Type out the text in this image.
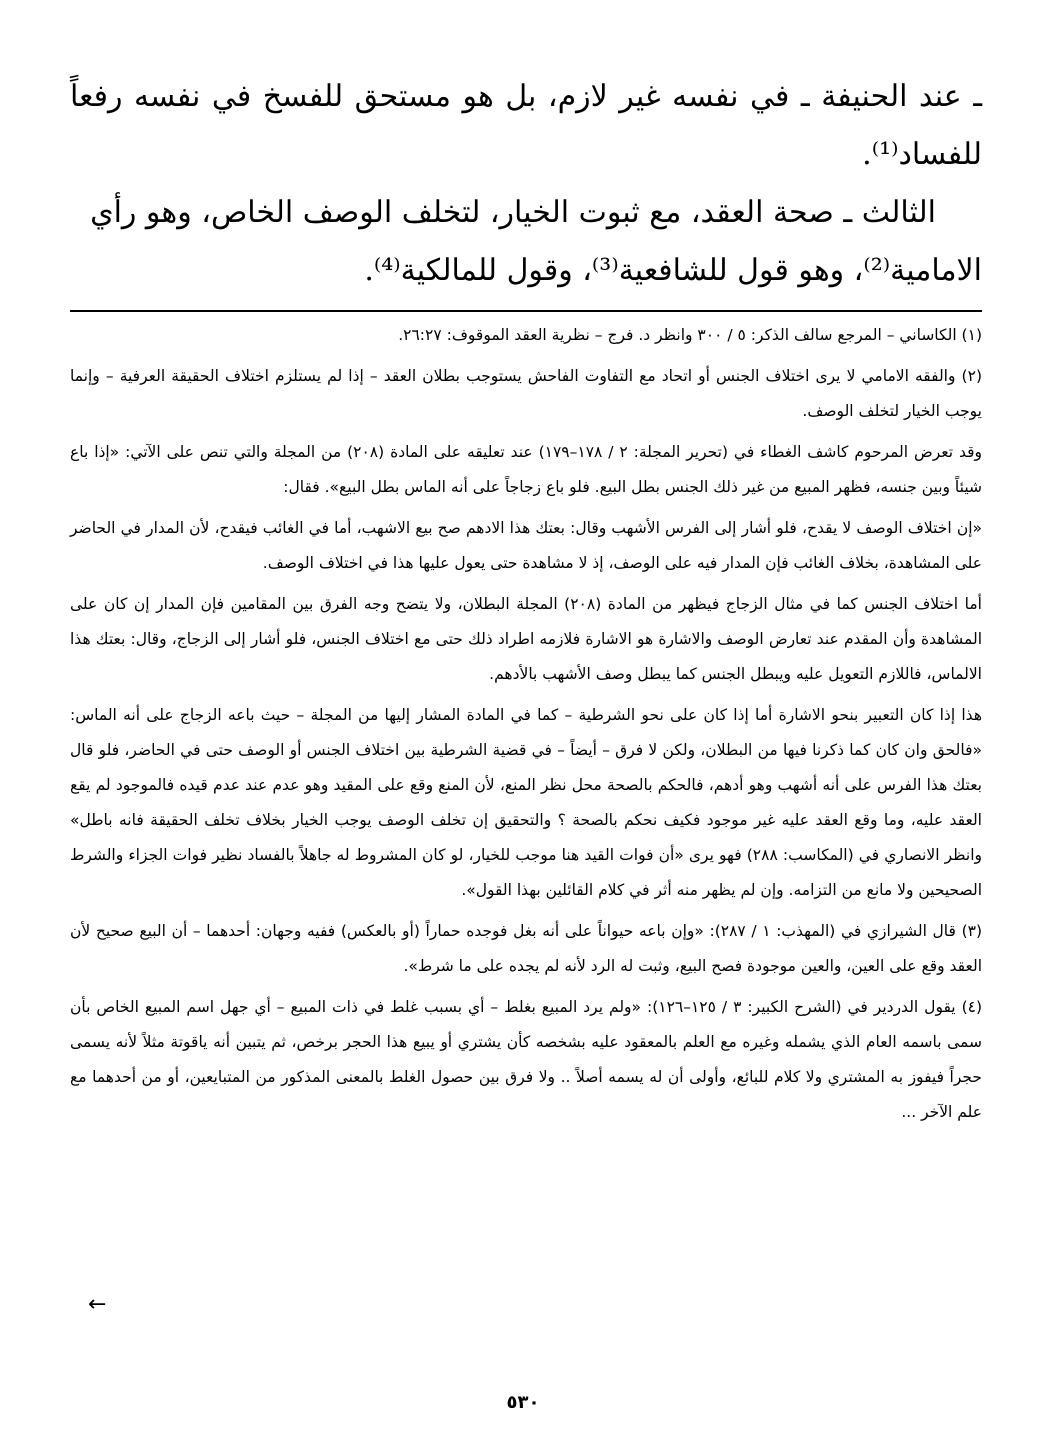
ـ عند الحنيفة ـ في نفسه غير لازم، بل هو مستحق للفسخ في نفسه رفعاً للفساد⁽¹⁾.
الثالث ـ صحة العقد، مع ثبوت الخيار، لتخلف الوصف الخاص، وهو رأي
الامامية⁽²⁾، وهو قول للشافعية⁽³⁾، وقول للمالكية⁽⁴⁾.

(١) الكاساني – المرجع سالف الذكر: ٥ / ٣٠٠ وانظر د. فرج – نظرية العقد الموقوف: ٢٦:٢٧.

(٢) والفقه الامامي لا يرى اختلاف الجنس أو اتحاد مع التفاوت الفاحش يستوجب بطلان العقد – إذا لم يستلزم اختلاف الحقيقة العرفية – وإنما يوجب الخيار لتخلف الوصف.

وقد تعرض المرحوم كاشف الغطاء في (تحرير المجلة: ٢ / ١٧٨–١٧٩) عند تعليقه على المادة (٢٠٨) من المجلة والتي تنص على الآتي: «إذا باع شيئاً وبين جنسه، فظهر المبيع من غير ذلك الجنس بطل البيع. فلو باع زجاجاً على أنه الماس بطل البيع». فقال:

«إن اختلاف الوصف لا يقدح، فلو أشار إلى الفرس الأشهب وقال: بعتك هذا الادهم صح بيع الاشهب، أما في الغائب فيقدح، لأن المدار في الحاضر على المشاهدة، بخلاف الغائب فإن المدار فيه على الوصف، إذ لا مشاهدة حتى يعول عليها هذا في اختلاف الوصف.

أما اختلاف الجنس كما في مثال الزجاج فيظهر من المادة (٢٠٨) المجلة البطلان، ولا يتضح وجه الفرق بين المقامين فإن المدار إن كان على المشاهدة وأن المقدم عند تعارض الوصف والاشارة هو الاشارة فلازمه اطراد ذلك حتى مع اختلاف الجنس، فلو أشار إلى الزجاج، وقال: بعتك هذا الالماس، فاللازم التعويل عليه ويبطل الجنس كما يبطل وصف الأشهب بالأدهم.

هذا إذا كان التعبير بنحو الاشارة أما إذا كان على نحو الشرطية – كما في المادة المشار إليها من المجلة – حيث باعه الزجاج على أنه الماس: «فالحق وان كان كما ذكرنا فيها من البطلان، ولكن لا فرق – أيضاً – في قضية الشرطية بين اختلاف الجنس أو الوصف حتى في الحاضر، فلو قال بعتك هذا الفرس على أنه أشهب وهو أدهم، فالحكم بالصحة محل نظر المنع، لأن المنع وقع على المقيد وهو عدم عند عدم قيده فالموجود لم يقع العقد عليه، وما وقع العقد عليه غير موجود فكيف نحكم بالصحة ؟ والتحقيق إن تخلف الوصف يوجب الخيار بخلاف تخلف الحقيقة فانه باطل» وانظر الانصاري في (المكاسب: ٢٨٨) فهو يرى «أن فوات القيد هنا موجب للخيار، لو كان المشروط له جاهلاً بالفساد نظير فوات الجزاء والشرط الصحيحين ولا مانع من التزامه. وإن لم يظهر منه أثر في كلام القائلين بهذا القول».

(٣) قال الشيرازي في (المهذب: ١ / ٢٨٧): «وإن باعه حيواناً على أنه بغل فوجده حماراً (أو بالعكس) ففيه وجهان: أحدهما – أن البيع صحيح لأن العقد وقع على العين، والعين موجودة فصح البيع، وثبت له الرد لأنه لم يجده على ما شرط».

(٤) يقول الدردير في (الشرح الكبير: ٣ / ١٢٥–١٢٦): «ولم يرد المبيع بغلط – أي بسبب غلط في ذات المبيع – أي جهل اسم المبيع الخاص بأن سمى باسمه العام الذي يشمله وغيره مع العلم بالمعقود عليه بشخصه كأن يشتري أو يبيع هذا الحجر برخص، ثم يتبين أنه ياقوتة مثلاً لأنه يسمى حجراً فيفوز به المشتري ولا كلام للبائع، وأولى أن له يسمه أصلاً .. ولا فرق بين حصول الغلط بالمعنى المذكور من المتبايعين، أو من أحدهما مع علم الآخر ...

←
٥٣٠
